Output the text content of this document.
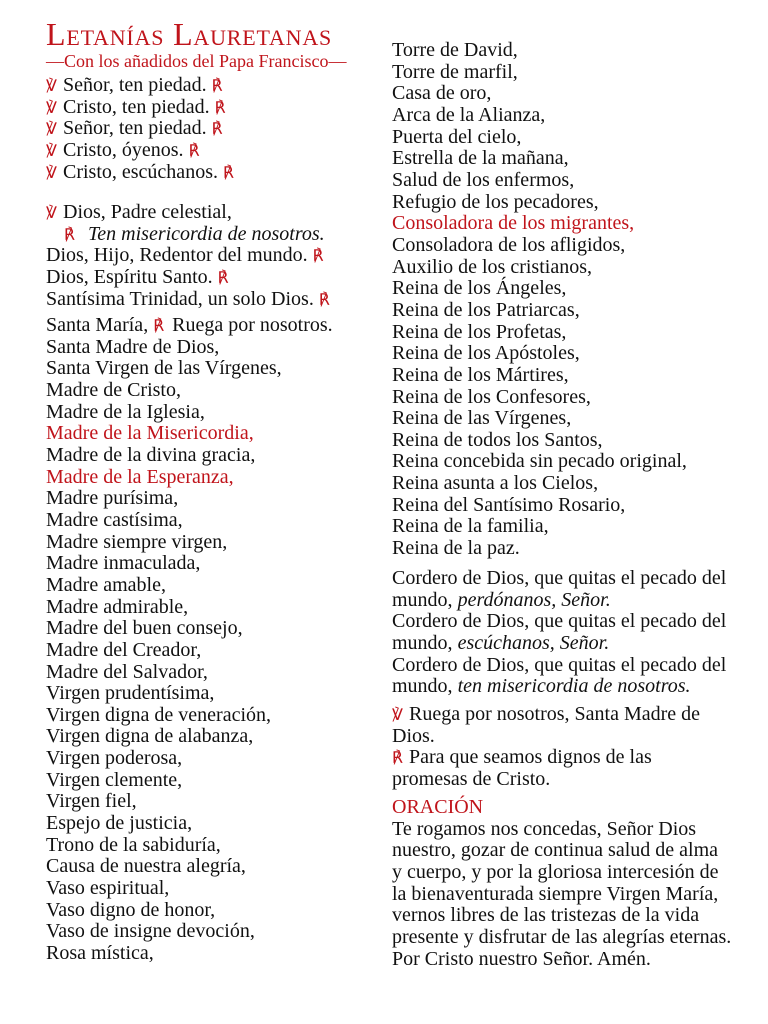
Letanías Lauretanas
—Con los añadidos del Papa Francisco—
℣ Señor, ten piedad. ℟
℣ Cristo, ten piedad. ℟
℣ Señor, ten piedad. ℟
℣ Cristo, óyenos. ℟
℣ Cristo, escúchanos. ℟
℣ Dios, Padre celestial,
℟ Ten misericordia de nosotros.
Dios, Hijo, Redentor del mundo. ℟
Dios, Espíritu Santo. ℟
Santísima Trinidad, un solo Dios. ℟
Santa María, ℟ Ruega por nosotros.
Santa Madre de Dios,
Santa Virgen de las Vírgenes,
Madre de Cristo,
Madre de la Iglesia,
Madre de la Misericordia,
Madre de la divina gracia,
Madre de la Esperanza,
Madre purísima,
Madre castísima,
Madre siempre virgen,
Madre inmaculada,
Madre amable,
Madre admirable,
Madre del buen consejo,
Madre del Creador,
Madre del Salvador,
Virgen prudentísima,
Virgen digna de veneración,
Virgen digna de alabanza,
Virgen poderosa,
Virgen clemente,
Virgen fiel,
Espejo de justicia,
Trono de la sabiduría,
Causa de nuestra alegría,
Vaso espiritual,
Vaso digno de honor,
Vaso de insigne devoción,
Rosa mística,
Torre de David,
Torre de marfil,
Casa de oro,
Arca de la Alianza,
Puerta del cielo,
Estrella de la mañana,
Salud de los enfermos,
Refugio de los pecadores,
Consoladora de los migrantes,
Consoladora de los afligidos,
Auxilio de los cristianos,
Reina de los Ángeles,
Reina de los Patriarcas,
Reina de los Profetas,
Reina de los Apóstoles,
Reina de los Mártires,
Reina de los Confesores,
Reina de las Vírgenes,
Reina de todos los Santos,
Reina concebida sin pecado original,
Reina asunta a los Cielos,
Reina del Santísimo Rosario,
Reina de la familia,
Reina de la paz.
Cordero de Dios, que quitas el pecado del
mundo, perdónanos, Señor.
Cordero de Dios, que quitas el pecado del
mundo, escúchanos, Señor.
Cordero de Dios, que quitas el pecado del
mundo, ten misericordia de nosotros.
℣ Ruega por nosotros, Santa Madre de
Dios.
℟ Para que seamos dignos de las
promesas de Cristo.
ORACIÓN
Te rogamos nos concedas, Señor Dios
nuestro, gozar de continua salud de alma
y cuerpo, y por la gloriosa intercesión de
la bienaventurada siempre Virgen María,
vernos libres de las tristezas de la vida
presente y disfrutar de las alegrías eternas.
Por Cristo nuestro Señor. Amén.
